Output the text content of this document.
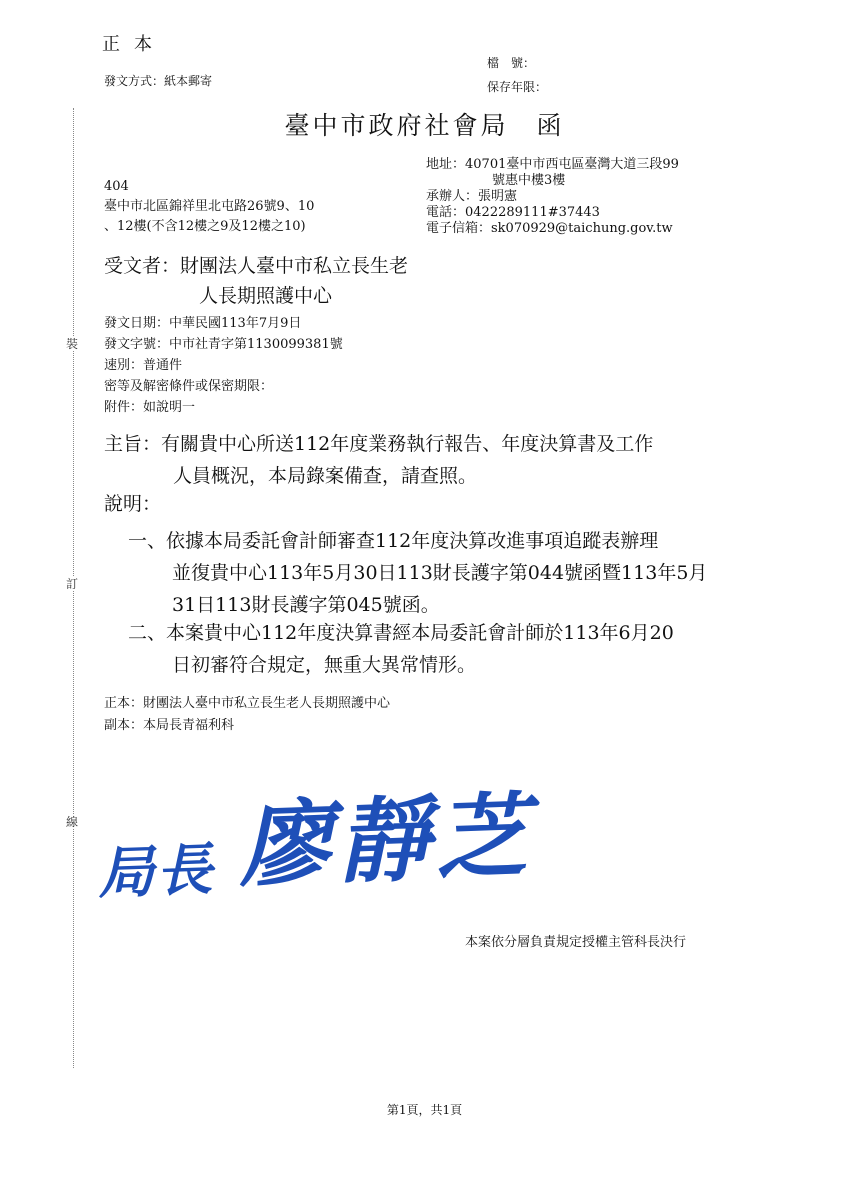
裝
訂
線
正本
發文方式：紙本郵寄
檔　號：
保存年限：
臺中市政府社會局　函
404
臺中市北區錦祥里北屯路26號9、10
、12樓(不含12樓之9及12樓之10)
地址：40701臺中市西屯區臺灣大道三段99
號惠中樓3樓
承辦人：張明憲
電話：0422289111#37443
電子信箱：sk070929@taichung.gov.tw
受文者：財團法人臺中市私立長生老
人長期照護中心
發文日期：中華民國113年7月9日
發文字號：中市社青字第1130099381號
速別：普通件
密等及解密條件或保密期限：
附件：如說明一
主旨：有關貴中心所送112年度業務執行報告、年度決算書及工作
人員概況，本局錄案備查，請查照。
說明：
一、依據本局委託會計師審查112年度決算改進事項追蹤表辦理
並復貴中心113年5月30日113財長護字第044號函暨113年5月
31日113財長護字第045號函。
二、本案貴中心112年度決算書經本局委託會計師於113年6月20
日初審符合規定，無重大異常情形。
正本：財團法人臺中市私立長生老人長期照護中心
副本：本局長青福利科
局長 廖靜芝
本案依分層負責規定授權主管科長決行
第1頁，共1頁
